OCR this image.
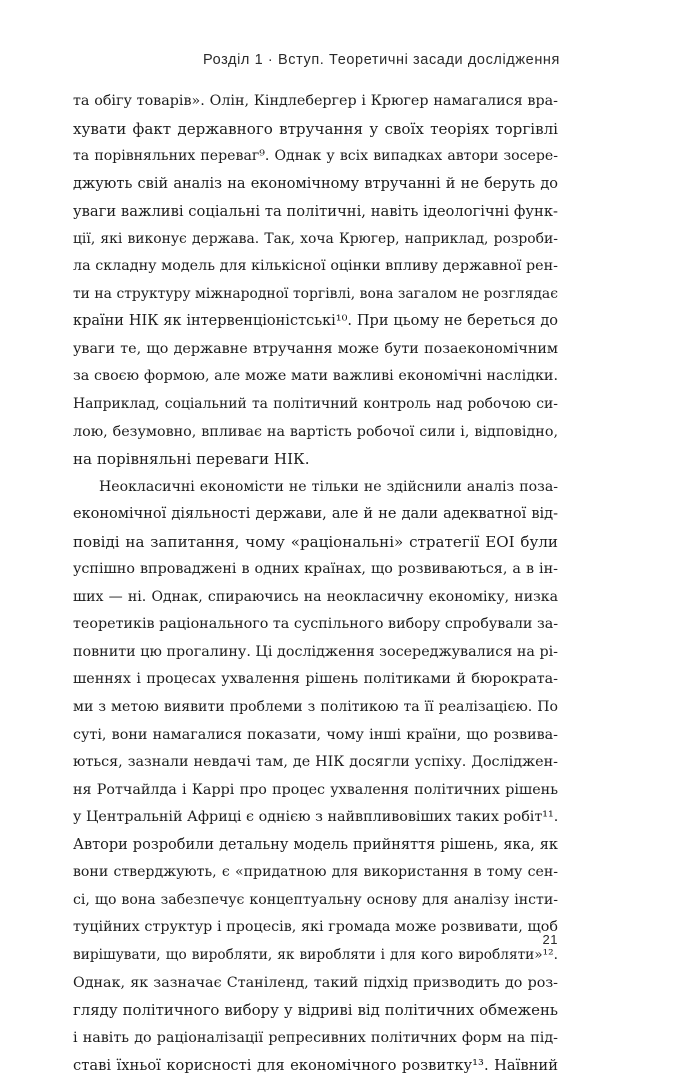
Розділ 1 · Вступ. Теоретичні засади дослідження
та обігу товарів». Олін, Кіндлебергер і Крюгер намагалися вра-
хувати факт державного втручання у своїх теоріях торгівлі
та порівняльних переваг⁹. Однак у всіх випадках автори зосере-
джують свій аналіз на економічному втручанні й не беруть до
уваги важливі соціальні та політичні, навіть ідеологічні функ-
ції, які виконує держава. Так, хоча Крюгер, наприклад, розроби-
ла складну модель для кількісної оцінки впливу державної рен-
ти на структуру міжнародної торгівлі, вона загалом не розглядає
країни НІК як інтервенціоністські¹⁰. При цьому не береться до
уваги те, що державне втручання може бути позаекономічним
за своєю формою, але може мати важливі економічні наслідки.
Наприклад, соціальний та політичний контроль над робочою си-
лою, безумовно, впливає на вартість робочої сили і, відповідно,
на порівняльні переваги НІК.
Неокласичні економісти не тільки не здійснили аналіз поза-
економічної діяльності держави, але й не дали адекватної від-
повіді на запитання, чому «раціональні» стратегії ЕОІ були
успішно впроваджені в одних країнах, що розвиваються, а в ін-
ших — ні. Однак, спираючись на неокласичну економіку, низка
теоретиків раціонального та суспільного вибору спробували за-
повнити цю прогалину. Ці дослідження зосереджувалися на рі-
шеннях і процесах ухвалення рішень політиками й бюрократа-
ми з метою виявити проблеми з політикою та її реалізацією. По
суті, вони намагалися показати, чому інші країни, що розвива-
ються, зазнали невдачі там, де НІК досягли успіху. Досліджен-
ня Ротчайлда і Каррі про процес ухвалення політичних рішень
у Центральній Африці є однією з найвпливовіших таких робіт¹¹.
Автори розробили детальну модель прийняття рішень, яка, як
вони стверджують, є «придатною для використання в тому сен-
сі, що вона забезпечує концептуальну основу для аналізу інсти-
туційних структур і процесів, які громада може розвивати, щоб
вирішувати, що виробляти, як виробляти і для кого виробляти»¹².
Однак, як зазначає Станіленд, такий підхід призводить до роз-
гляду політичного вибору у відриві від політичних обмежень
і навіть до раціоналізації репресивних політичних форм на під-
ставі їхньої корисності для економічного розвитку¹³. Наївний
21
